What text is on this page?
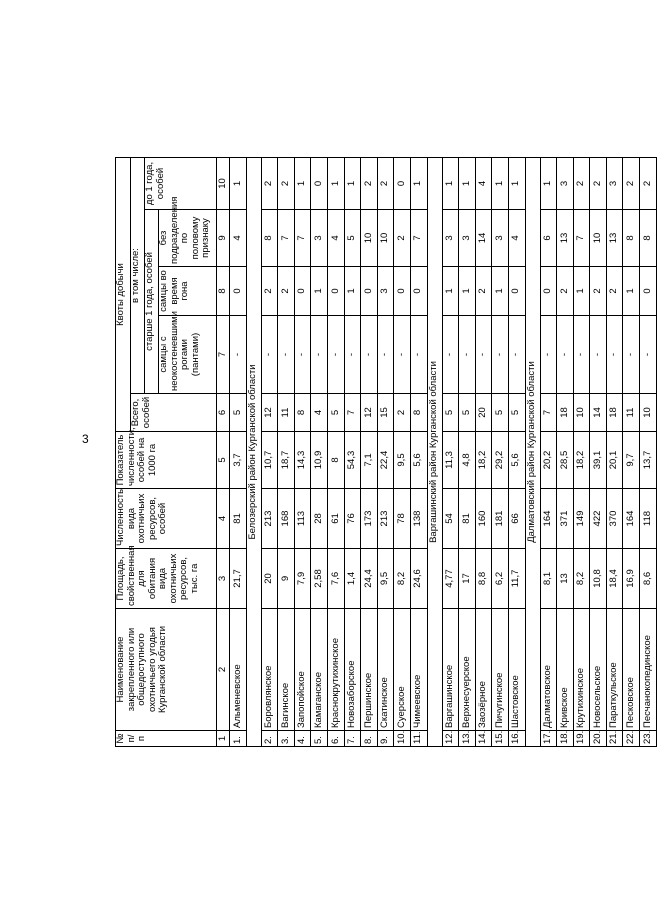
3
№ п/п	Наименование закрепленного или общедоступного охотничьего угодья Курганской области	Площадь, свойственная для обитания вида охотничьих ресурсов, тыс. га	Численность вида охотничьих ресурсов, особей	Показатель численности, особей на 1000 га	Квоты добычи				
					Всего, особей	в том числе:			
						старше 1 года, особей			до 1 года, особей
						самцы с неокостеневшими рогами (пантами)	самцы во время гона	без подразделения по половому признаку	
1	2	3	4	5	6	7	8	9	10
1.	Альменевское	21,7	81	3,7	5	-	0	4	1
Белозерский район Курганской области									
2.	Боровлянское	20	213	10,7	12	-	2	8	2
3.	Вагинское	9	168	18,7	11	-	2	7	2
4.	Запопойское	7,9	113	14,3	8	-	0	7	1
5.	Камаганское	2,58	28	10,9	4	-	1	3	0
6.	Краснокрутихинское	7,6	61	8	5	-	0	4	1
7.	Новозаборское	1,4	76	54,3	7	-	1	5	1
8.	Першинское	24,4	173	7,1	12	-	0	10	2
9.	Скатинское	9,5	213	22,4	15	-	3	10	2
10.	Суерское	8,2	78	9,5	2	-	0	2	0
11.	Чимеевское	24,6	138	5,6	8	-	0	7	1
Варгашинский район Курганской области									
12.	Варгашинское	4,77	54	11,3	5	-	1	3	1
13.	Верхнесуерское	17	81	4,8	5	-	1	3	1
14.	Заозёрное	8,8	160	18,2	20	-	2	14	4
15.	Пичугинское	6,2	181	29,2	5	-	1	3	1
16.	Шастовское	11,7	66	5,6	5	-	0	4	1
Далматовский район Курганской области									
17.	Далматовское	8,1	164	20,2	7	-	0	6	1
18.	Кривское	13	371	28,5	18	-	2	13	3
19.	Крутихинское	8,2	149	18,2	10	-	1	7	2
20.	Новосельское	10,8	422	39,1	14	-	2	10	2
21.	Параткульское	18,4	370	20,1	18	-	2	13	3
22.	Песковское	16,9	164	9,7	11	-	1	8	2
23.	Песчанокопединское	8,6	118	13,7	10	-	0	8	2
